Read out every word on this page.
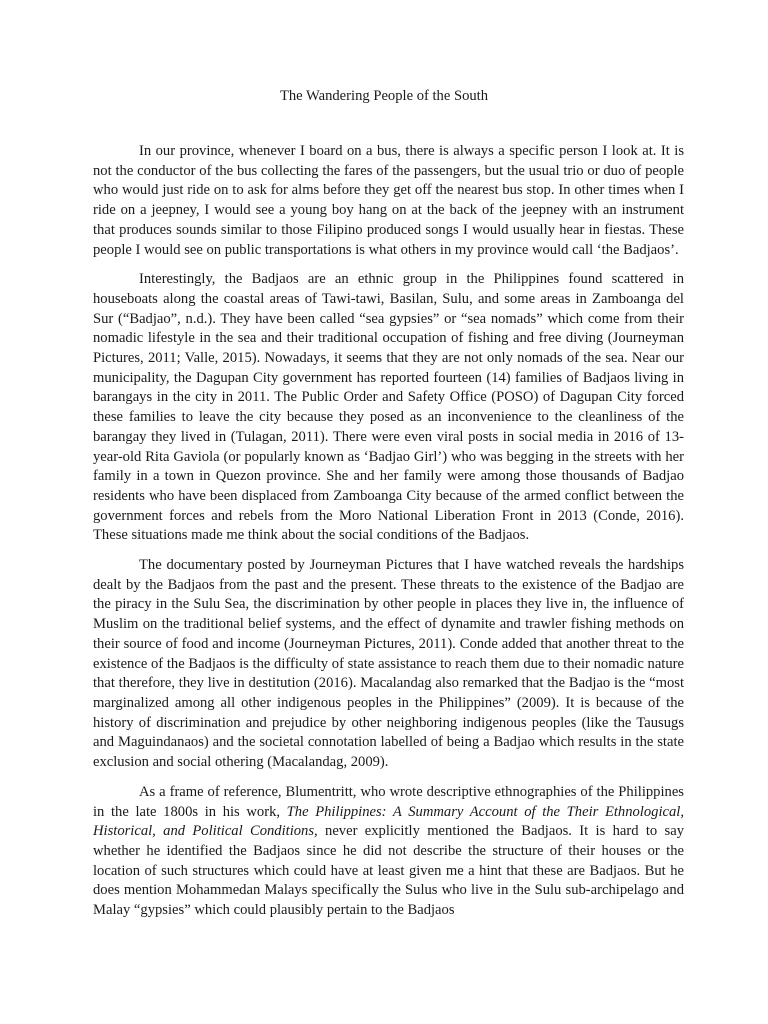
The Wandering People of the South

In our province, whenever I board on a bus, there is always a specific person I look at. It is not the conductor of the bus collecting the fares of the passengers, but the usual trio or duo of people who would just ride on to ask for alms before they get off the nearest bus stop. In other times when I ride on a jeepney, I would see a young boy hang on at the back of the jeepney with an instrument that produces sounds similar to those Filipino produced songs I would usually hear in fiestas. These people I would see on public transportations is what others in my province would call ‘the Badjaos’.

Interestingly, the Badjaos are an ethnic group in the Philippines found scattered in houseboats along the coastal areas of Tawi-tawi, Basilan, Sulu, and some areas in Zamboanga del Sur (“Badjao”, n.d.). They have been called “sea gypsies” or “sea nomads” which come from their nomadic lifestyle in the sea and their traditional occupation of fishing and free diving (Journeyman Pictures, 2011; Valle, 2015). Nowadays, it seems that they are not only nomads of the sea. Near our municipality, the Dagupan City government has reported fourteen (14) families of Badjaos living in barangays in the city in 2011. The Public Order and Safety Office (POSO) of Dagupan City forced these families to leave the city because they posed as an inconvenience to the cleanliness of the barangay they lived in (Tulagan, 2011). There were even viral posts in social media in 2016 of 13-year-old Rita Gaviola (or popularly known as ‘Badjao Girl’) who was begging in the streets with her family in a town in Quezon province. She and her family were among those thousands of Badjao residents who have been displaced from Zamboanga City because of the armed conflict between the government forces and rebels from the Moro National Liberation Front in 2013 (Conde, 2016). These situations made me think about the social conditions of the Badjaos.

The documentary posted by Journeyman Pictures that I have watched reveals the hardships dealt by the Badjaos from the past and the present. These threats to the existence of the Badjao are the piracy in the Sulu Sea, the discrimination by other people in places they live in, the influence of Muslim on the traditional belief systems, and the effect of dynamite and trawler fishing methods on their source of food and income (Journeyman Pictures, 2011). Conde added that another threat to the existence of the Badjaos is the difficulty of state assistance to reach them due to their nomadic nature that therefore, they live in destitution (2016). Macalandag also remarked that the Badjao is the “most marginalized among all other indigenous peoples in the Philippines” (2009). It is because of the history of discrimination and prejudice by other neighboring indigenous peoples (like the Tausugs and Maguindanaos) and the societal connotation labelled of being a Badjao which results in the state exclusion and social othering (Macalandag, 2009).

As a frame of reference, Blumentritt, who wrote descriptive ethnographies of the Philippines in the late 1800s in his work, The Philippines: A Summary Account of the Their Ethnological, Historical, and Political Conditions, never explicitly mentioned the Badjaos. It is hard to say whether he identified the Badjaos since he did not describe the structure of their houses or the location of such structures which could have at least given me a hint that these are Badjaos. But he does mention Mohammedan Malays specifically the Sulus who live in the Sulu sub-archipelago and Malay “gypsies” which could plausibly pertain to the Badjaos
